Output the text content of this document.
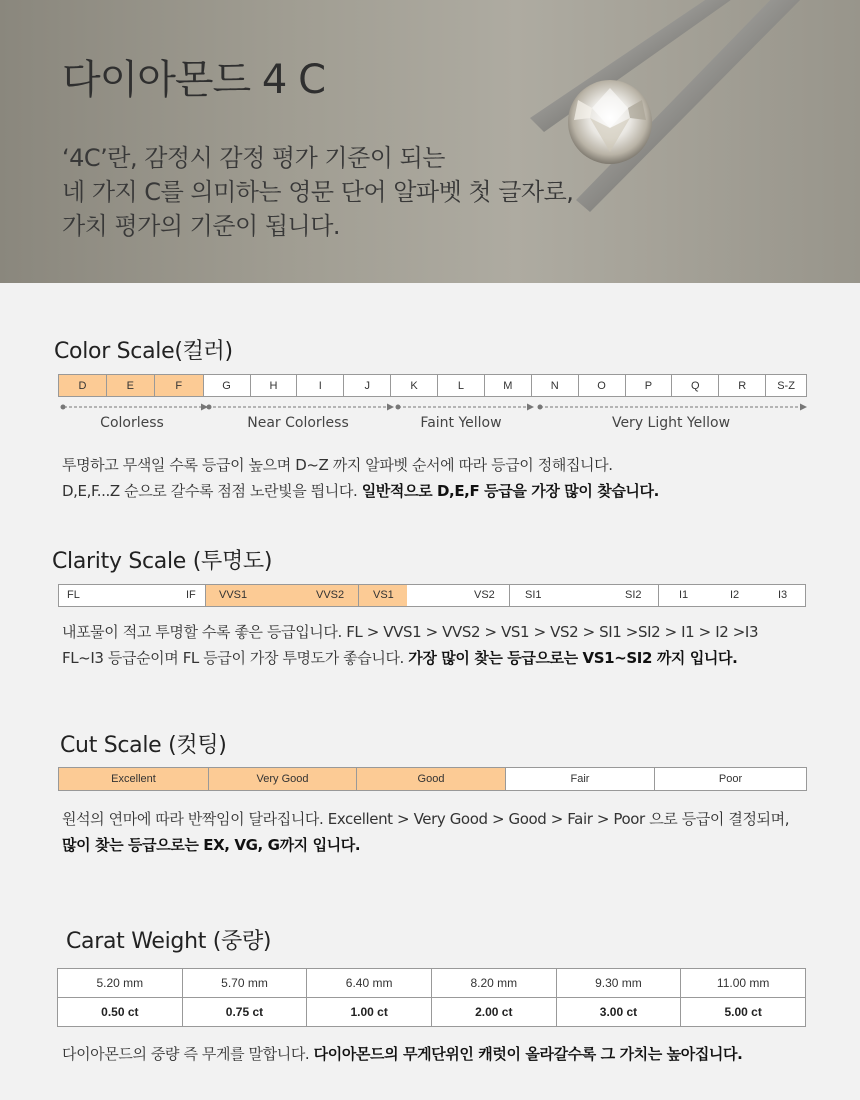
다이아몬드 4 C
‘4C’란, 감정시 감정 평가 기준이 되는
네 가지 C를 의미하는 영문 단어 알파벳 첫 글자로,
가치 평가의 기준이 됩니다.
Color Scale(컬러)
D	E	F	G	H	I	J	K	L	M	N	O	P	Q	R	S-Z
Colorless	Near Colorless	Faint Yellow	Very Light Yellow
투명하고 무색일 수록 등급이 높으며 D~Z 까지 알파벳 순서에 따라 등급이 정해집니다.
D,E,F...Z 순으로 갈수록 점점 노란빛을 띕니다. 일반적으로 D,E,F 등급을 가장 많이 찾습니다.
Clarity Scale (투명도)
FL	IF VVS1	VVS2	VS1	VS2	SI1	SI2	I1	I2	I3
내포물이 적고 투명할 수록 좋은 등급입니다. FL > VVS1 > VVS2 > VS1 > VS2 > SI1 >SI2 > I1 > I2 >I3
FL~I3 등급순이며 FL 등급이 가장 투명도가 좋습니다. 가장 많이 찾는 등급으로는 VS1~SI2 까지 입니다.
Cut Scale (컷팅)
Excellent	Very Good	Good	Fair	Poor
원석의 연마에 따라 반짝임이 달라집니다. Excellent > Very Good > Good > Fair > Poor 으로 등급이 결정되며,
많이 찾는 등급으로는 EX, VG, G까지 입니다.
Carat Weight (중량)
5.20 mm	5.70 mm	6.40 mm	8.20 mm	9.30 mm	11.00 mm
0.50 ct	0.75 ct	1.00 ct	2.00 ct	3.00 ct	5.00 ct
다이아몬드의 중량 즉 무게를 말합니다. 다이아몬드의 무게단위인 캐럿이 올라갈수록 그 가치는 높아집니다.
